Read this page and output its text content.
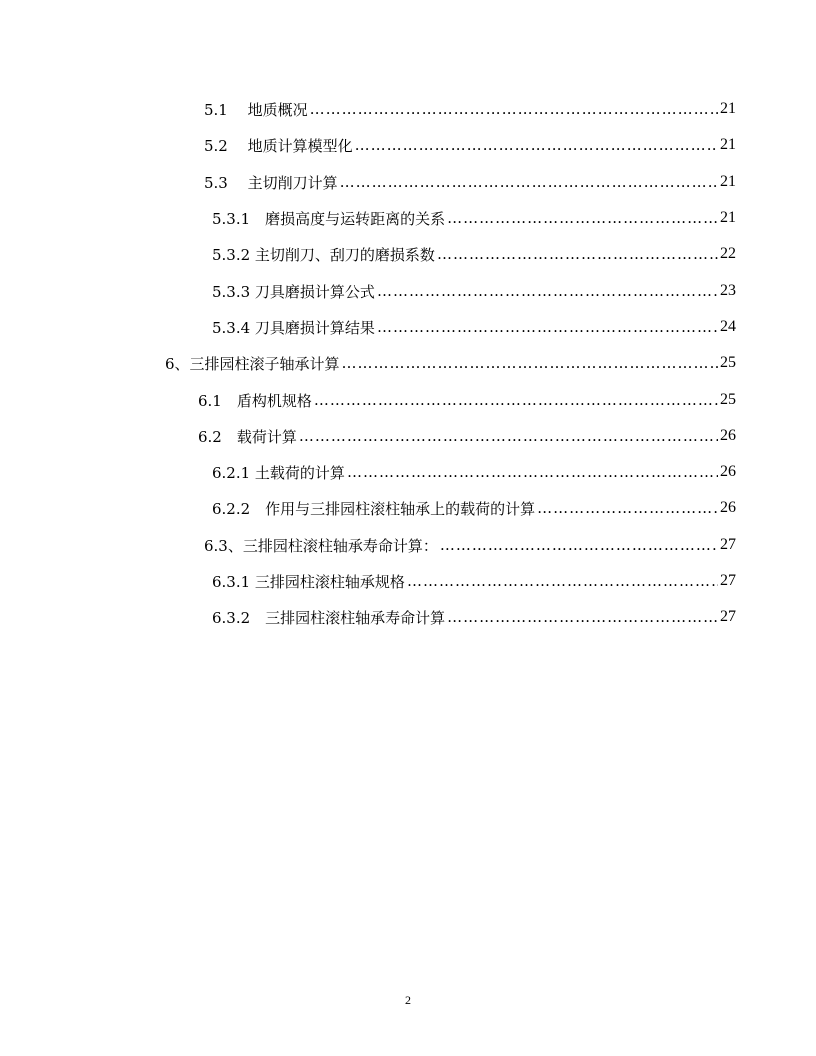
5.1　 地质概况 …………………………………………………………………………………………………………………………………………………	21
5.2　 地质计算模型化 …………………………………………………………………………………………………………………………………………………	21
5.3　 主切削刀计算 …………………………………………………………………………………………………………………………………………………	21
5.3.1　磨损高度与运转距离的关系 …………………………………………………………………………………………………………………………………………………	21
5.3.2 主切削刀、刮刀的磨损系数 …………………………………………………………………………………………………………………………………………………	22
5.3.3 刀具磨损计算公式 …………………………………………………………………………………………………………………………………………………	23
5.3.4 刀具磨损计算结果 …………………………………………………………………………………………………………………………………………………	24
6、三排园柱滚子轴承计算 …………………………………………………………………………………………………………………………………………………	25
6.1　盾构机规格 …………………………………………………………………………………………………………………………………………………	25
6.2　载荷计算 …………………………………………………………………………………………………………………………………………………	26
6.2.1 土载荷的计算 …………………………………………………………………………………………………………………………………………………	26
6.2.2　作用与三排园柱滚柱轴承上的载荷的计算 …………………………………………………………………………………………………………………………………………………	26
6.3、三排园柱滚柱轴承寿命计算： …………………………………………………………………………………………………………………………………………………	27
6.3.1 三排园柱滚柱轴承规格 …………………………………………………………………………………………………………………………………………………	27
6.3.2　三排园柱滚柱轴承寿命计算 …………………………………………………………………………………………………………………………………………………	27
2
